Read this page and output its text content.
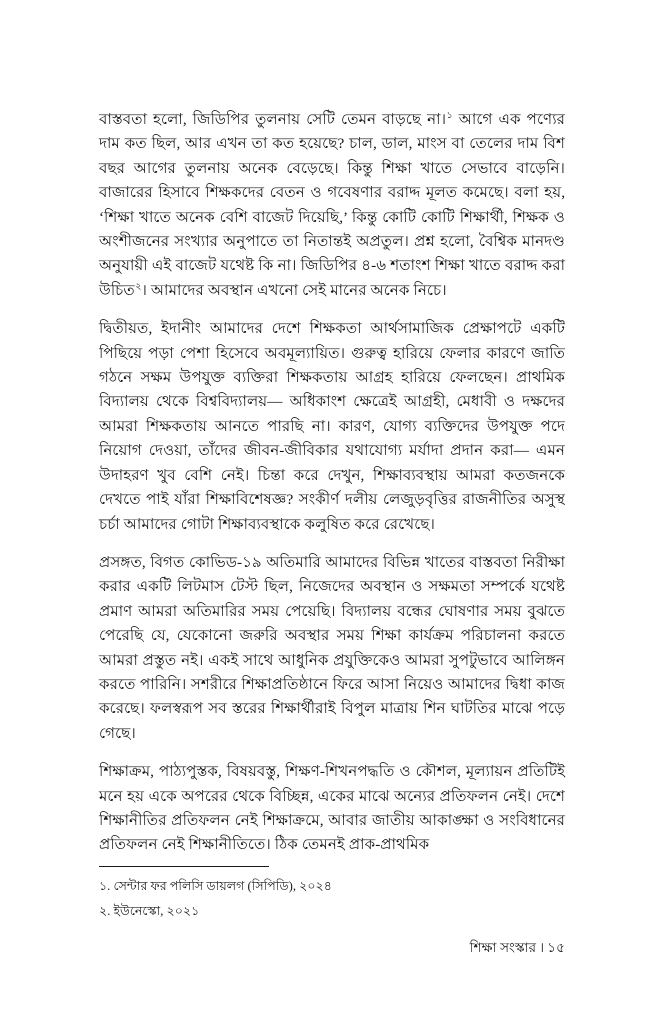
বাস্তবতা হলো, জিডিপির তুলনায় সেটি তেমন বাড়ছে না।$^১$ আগে এক পণ্যের দাম কত ছিল, আর এখন তা কত হয়েছে? চাল, ডাল, মাংস বা তেলের দাম বিশ বছর আগের তুলনায় অনেক বেড়েছে। কিন্তু শিক্ষা খাতে সেভাবে বাড়েনি। বাজারের হিসাবে শিক্ষকদের বেতন ও গবেষণার বরাদ্দ মূলত কমেছে। বলা হয়, ‘শিক্ষা খাতে অনেক বেশি বাজেট দিয়েছি,’ কিন্তু কোটি কোটি শিক্ষার্থী, শিক্ষক ও অংশীজনের সংখ্যার অনুপাতে তা নিতান্তই অপ্রতুল। প্রশ্ন হলো, বৈশ্বিক মানদণ্ড অনুযায়ী এই বাজেট যথেষ্ট কি না। জিডিপির ৪-৬ শতাংশ শিক্ষা খাতে বরাদ্দ করা উচিত$^২$। আমাদের অবস্থান এখনো সেই মানের অনেক নিচে।

দ্বিতীয়ত, ইদানীং আমাদের দেশে শিক্ষকতা আর্থসামাজিক প্রেক্ষাপটে একটি পিছিয়ে পড়া পেশা হিসেবে অবমূল্যায়িত। গুরুত্ব হারিয়ে ফেলার কারণে জাতি গঠনে সক্ষম উপযুক্ত ব্যক্তিরা শিক্ষকতায় আগ্রহ হারিয়ে ফেলছেন। প্রাথমিক বিদ্যালয় থেকে বিশ্ববিদ্যালয়— অধিকাংশ ক্ষেত্রেই আগ্রহী, মেধাবী ও দক্ষদের আমরা শিক্ষকতায় আনতে পারছি না। কারণ, যোগ্য ব্যক্তিদের উপযুক্ত পদে নিয়োগ দেওয়া, তাঁদের জীবন-জীবিকার যথাযোগ্য মর্যাদা প্রদান করা— এমন উদাহরণ খুব বেশি নেই। চিন্তা করে দেখুন, শিক্ষাব্যবস্থায় আমরা কতজনকে দেখতে পাই যাঁরা শিক্ষাবিশেষজ্ঞ? সংকীর্ণ দলীয় লেজুড়বৃত্তির রাজনীতির অসুস্থ চর্চা আমাদের গোটা শিক্ষাব্যবস্থাকে কলুষিত করে রেখেছে।

প্রসঙ্গত, বিগত কোভিড-১৯ অতিমারি আমাদের বিভিন্ন খাতের বাস্তবতা নিরীক্ষা করার একটি লিটমাস টেস্ট ছিল, নিজেদের অবস্থান ও সক্ষমতা সম্পর্কে যথেষ্ট প্রমাণ আমরা অতিমারির সময় পেয়েছি। বিদ্যালয় বন্ধের ঘোষণার সময় বুঝতে পেরেছি যে, যেকোনো জরুরি অবস্থার সময় শিক্ষা কার্যক্রম পরিচালনা করতে আমরা প্রস্তুত নই। একই সাথে আধুনিক প্রযুক্তিকেও আমরা সুপটুভাবে আলিঙ্গন করতে পারিনি। সশরীরে শিক্ষাপ্রতিষ্ঠানে ফিরে আসা নিয়েও আমাদের দ্বিধা কাজ করেছে। ফলস্বরূপ সব স্তরের শিক্ষার্থীরাই বিপুল মাত্রায় শিন ঘাটতির মাঝে পড়ে গেছে।

শিক্ষাক্রম, পাঠ্যপুস্তক, বিষয়বস্তু, শিক্ষণ-শিখনপদ্ধতি ও কৌশল, মূল্যায়ন প্রতিটিই মনে হয় একে অপরের থেকে বিচ্ছিন্ন, একের মাঝে অন্যের প্রতিফলন নেই। দেশে শিক্ষানীতির প্রতিফলন নেই শিক্ষাক্রমে, আবার জাতীয় আকাঙ্ক্ষা ও সংবিধানের প্রতিফলন নেই শিক্ষানীতিতে। ঠিক তেমনই প্রাক-প্রাথমিক

১. সেন্টার ফর পলিসি ডায়লগ (সিপিডি), ২০২৪

২. ইউনেস্কো, ২০২১

শিক্ষা সংস্কার । ১৫
